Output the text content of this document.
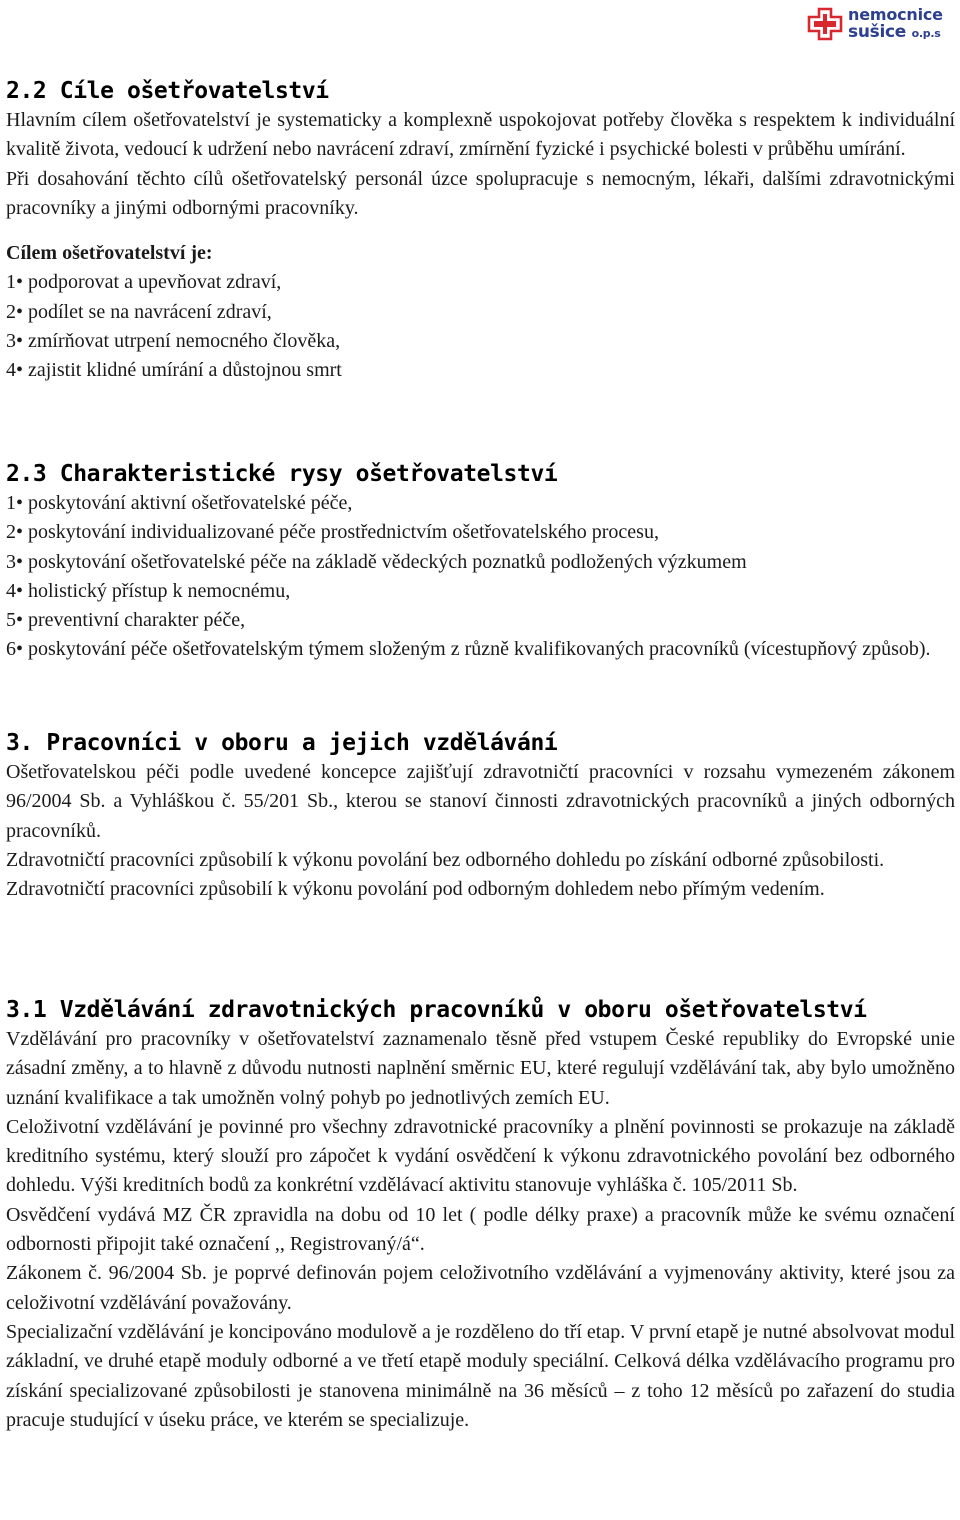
nemocnice
sušice o.p.s
2.2 Cíle ošetřovatelství

Hlavním cílem ošetřovatelství je systematicky a komplexně uspokojovat potřeby člověka s respektem k individuální kvalitě života, vedoucí k udržení nebo navrácení zdraví, zmírnění fyzické i psychické bolesti v průběhu umírání.

Při dosahování těchto cílů ošetřovatelský personál úzce spolupracuje s nemocným, lékaři, dalšími zdravotnickými pracovníky a jinými odbornými pracovníky.

Cílem ošetřovatelství je:

1• podporovat a upevňovat zdraví,
2• podílet se na navrácení zdraví,
3• zmírňovat utrpení nemocného člověka,
4• zajistit klidné umírání a důstojnou smrt
2.3 Charakteristické rysy ošetřovatelství
1• poskytování aktivní ošetřovatelské péče,
2• poskytování individualizované péče prostřednictvím ošetřovatelského procesu,
3• poskytování ošetřovatelské péče na základě vědeckých poznatků podložených výzkumem
4• holistický přístup k nemocnému,
5• preventivní charakter péče,
6• poskytování péče ošetřovatelským týmem složeným z různě kvalifikovaných pracovníků (vícestupňový způsob).
3. Pracovníci v oboru a jejich vzdělávání

Ošetřovatelskou péči podle uvedené koncepce zajišťují zdravotničtí pracovníci v rozsahu vymezeném zákonem 96/2004 Sb. a Vyhláškou č. 55/201 Sb., kterou se stanoví činnosti zdravotnických pracovníků a jiných odborných pracovníků.

Zdravotničtí pracovníci způsobilí k výkonu povolání bez odborného dohledu po získání odborné způsobilosti.

Zdravotničtí pracovníci způsobilí k výkonu povolání pod odborným dohledem nebo přímým vedením.

3.1 Vzdělávání zdravotnických pracovníků v oboru ošetřovatelství

Vzdělávání pro pracovníky v ošetřovatelství zaznamenalo těsně před vstupem České republiky do Evropské unie zásadní změny, a to hlavně z důvodu nutnosti naplnění směrnic EU, které regulují vzdělávání tak, aby bylo umožněno uznání kvalifikace a tak umožněn volný pohyb po jednotlivých zemích EU.

Celoživotní vzdělávání je povinné pro všechny zdravotnické pracovníky a plnění povinnosti se prokazuje na základě kreditního systému, který slouží pro zápočet k vydání osvědčení k výkonu zdravotnického povolání bez odborného dohledu. Výši kreditních bodů za konkrétní vzdělávací aktivitu stanovuje vyhláška č. 105/2011 Sb.

Osvědčení vydává MZ ČR zpravidla na dobu od 10 let ( podle délky praxe) a pracovník může ke svému označení odbornosti připojit také označení ,, Registrovaný/á“.

Zákonem č. 96/2004 Sb. je poprvé definován pojem celoživotního vzdělávání a vyjmenovány aktivity, které jsou za celoživotní vzdělávání považovány.

Specializační vzdělávání je koncipováno modulově a je rozděleno do tří etap. V první etapě je nutné absolvovat modul základní, ve druhé etapě moduly odborné a ve třetí etapě moduly speciální. Celková délka vzdělávacího programu pro získání specializované způsobilosti je stanovena minimálně na 36 měsíců – z toho 12 měsíců po zařazení do studia pracuje studující v úseku práce, ve kterém se specializuje.
